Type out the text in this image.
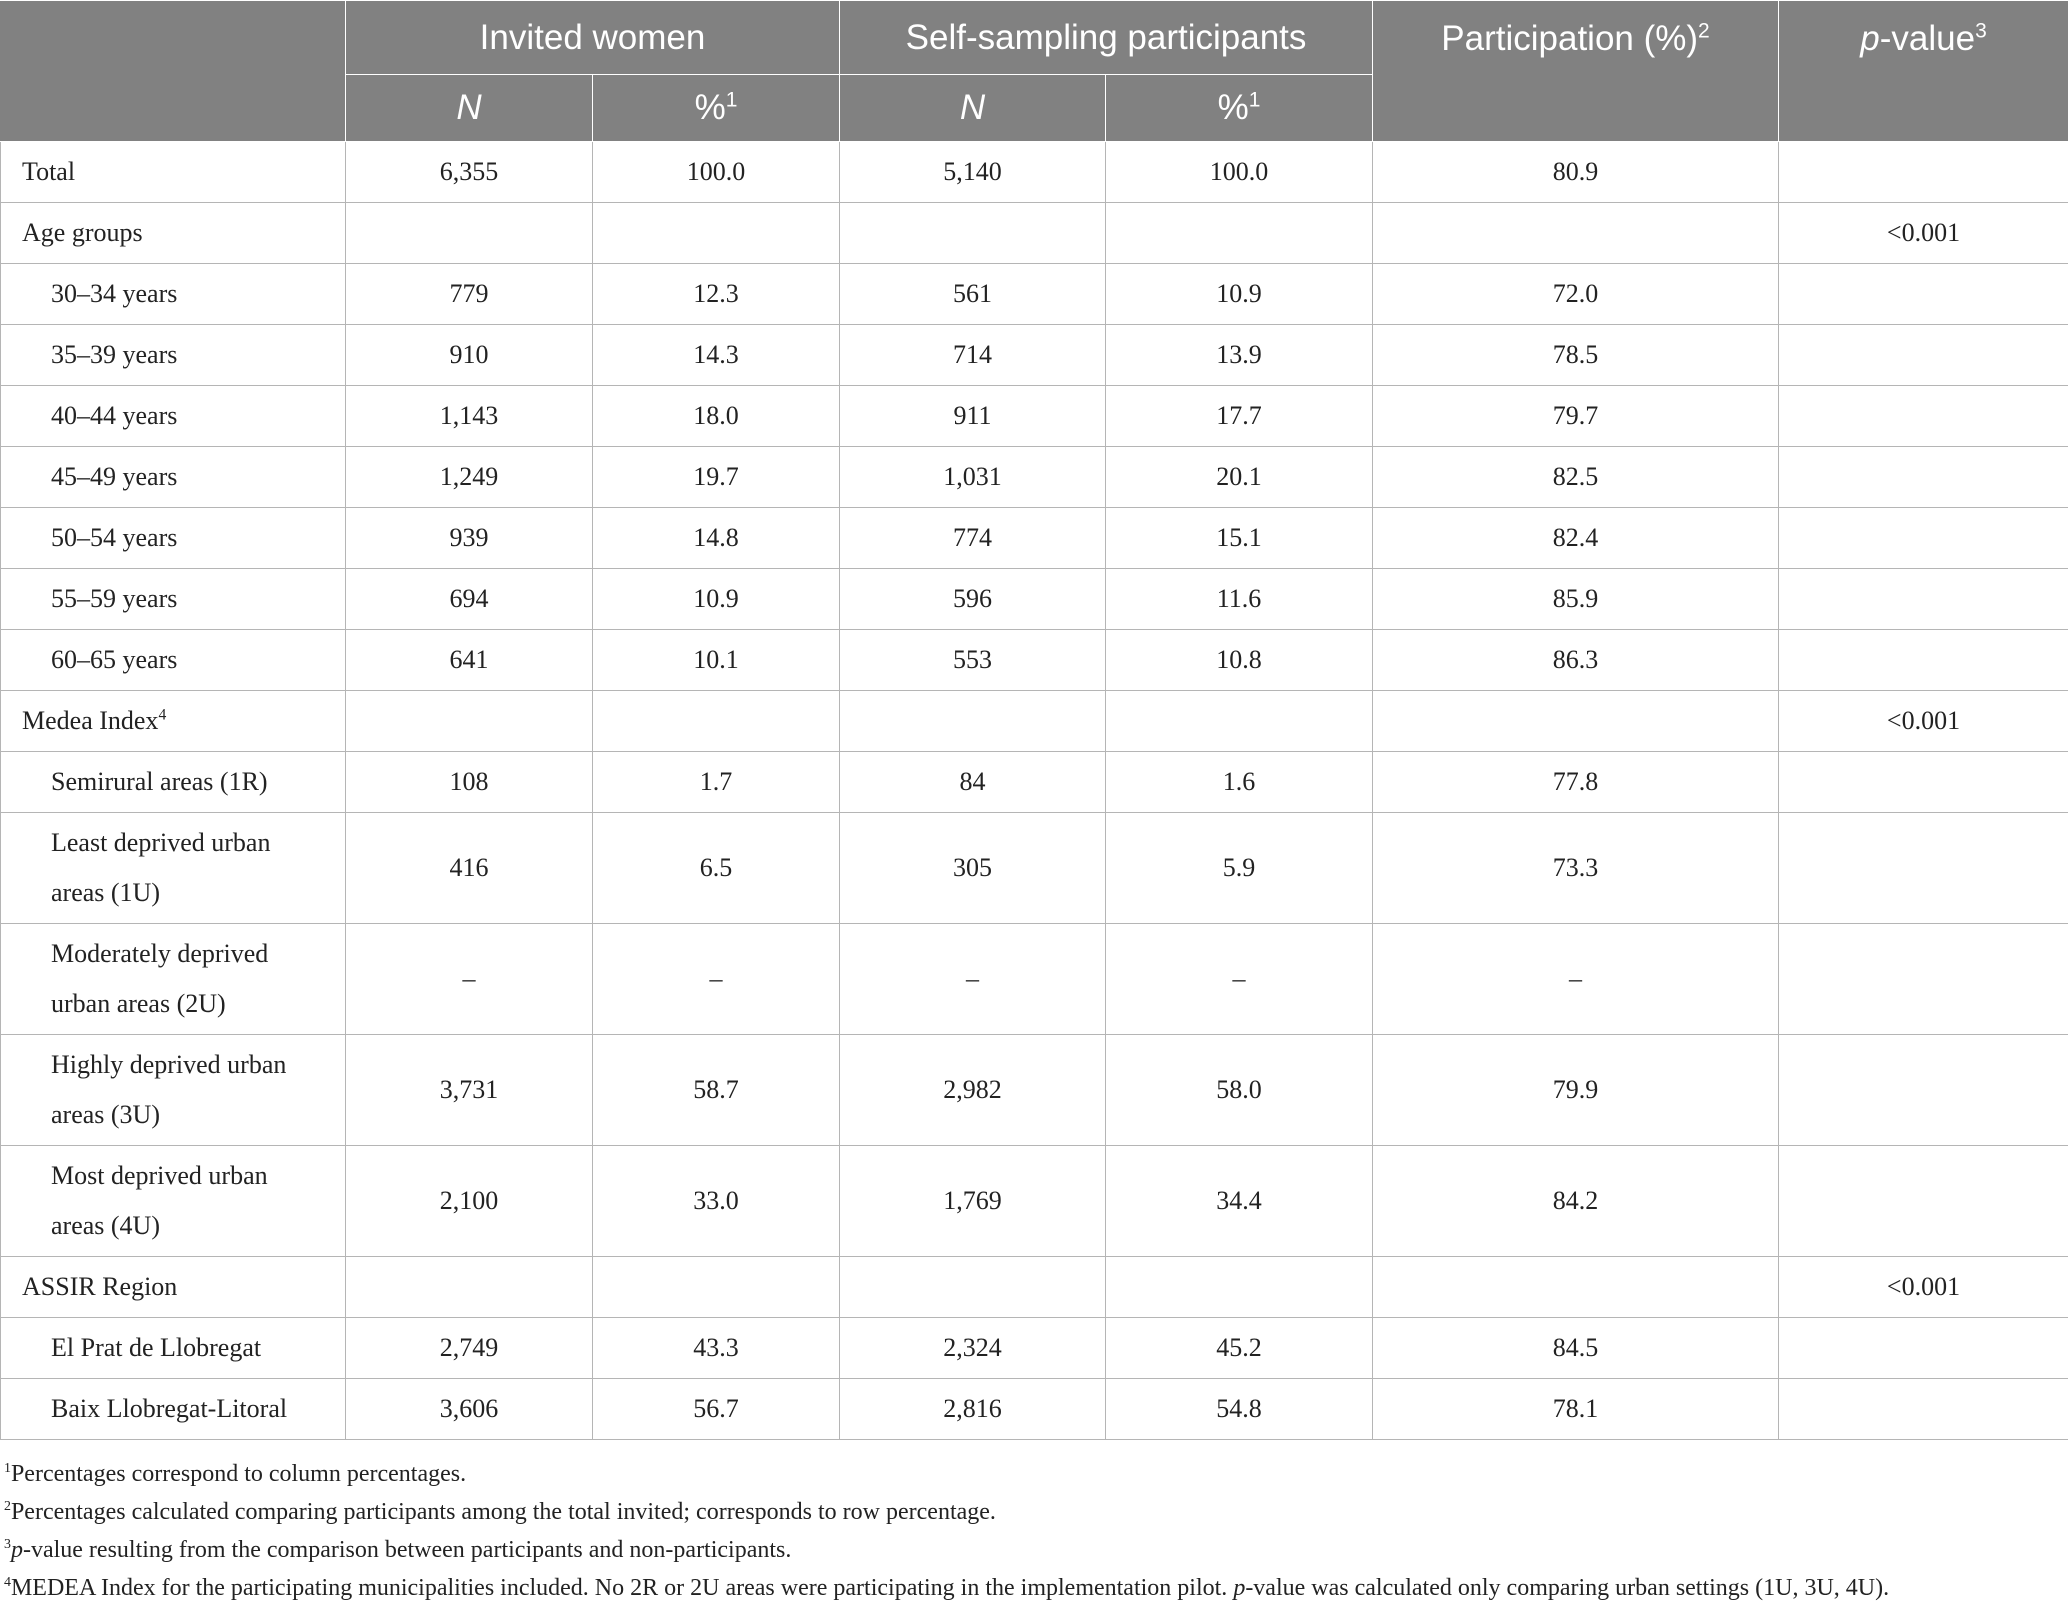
	Invited women		Self-sampling participants		Participation (%)$^2$	p-value$^3$
	N	%$^1$	N	%$^1$
Total	6,355	100.0	5,140	100.0	80.9	
Age groups						<0.001
30–34 years	779	12.3	561	10.9	72.0	
35–39 years	910	14.3	714	13.9	78.5	
40–44 years	1,143	18.0	911	17.7	79.7	
45–49 years	1,249	19.7	1,031	20.1	82.5	
50–54 years	939	14.8	774	15.1	82.4	
55–59 years	694	10.9	596	11.6	85.9	
60–65 years	641	10.1	553	10.8	86.3	
Medea Index$^4$						<0.001
Semirural areas (1R)	108	1.7	84	1.6	77.8	

Least deprived urban
areas (1U)	416	6.5	305	5.9	73.3	

Moderately deprived
urban areas (2U)	–	–	–	–	–	

Highly deprived urban
areas (3U)	3,731	58.7	2,982	58.0	79.9	

Most deprived urban
areas (4U)	2,100	33.0	1,769	34.4	84.2	
ASSIR Region						<0.001
El Prat de Llobregat	2,749	43.3	2,324	45.2	84.5	
Baix Llobregat-Litoral	3,606	56.7	2,816	54.8	78.1	
$^1$Percentages correspond to column percentages.
$^2$Percentages calculated comparing participants among the total invited; corresponds to row percentage.
$^3$p-value resulting from the comparison between participants and non-participants.
$^4$MEDEA Index for the participating municipalities included. No 2R or 2U areas were participating in the implementation pilot. p-value was calculated only comparing urban settings (1U, 3U, 4U).
